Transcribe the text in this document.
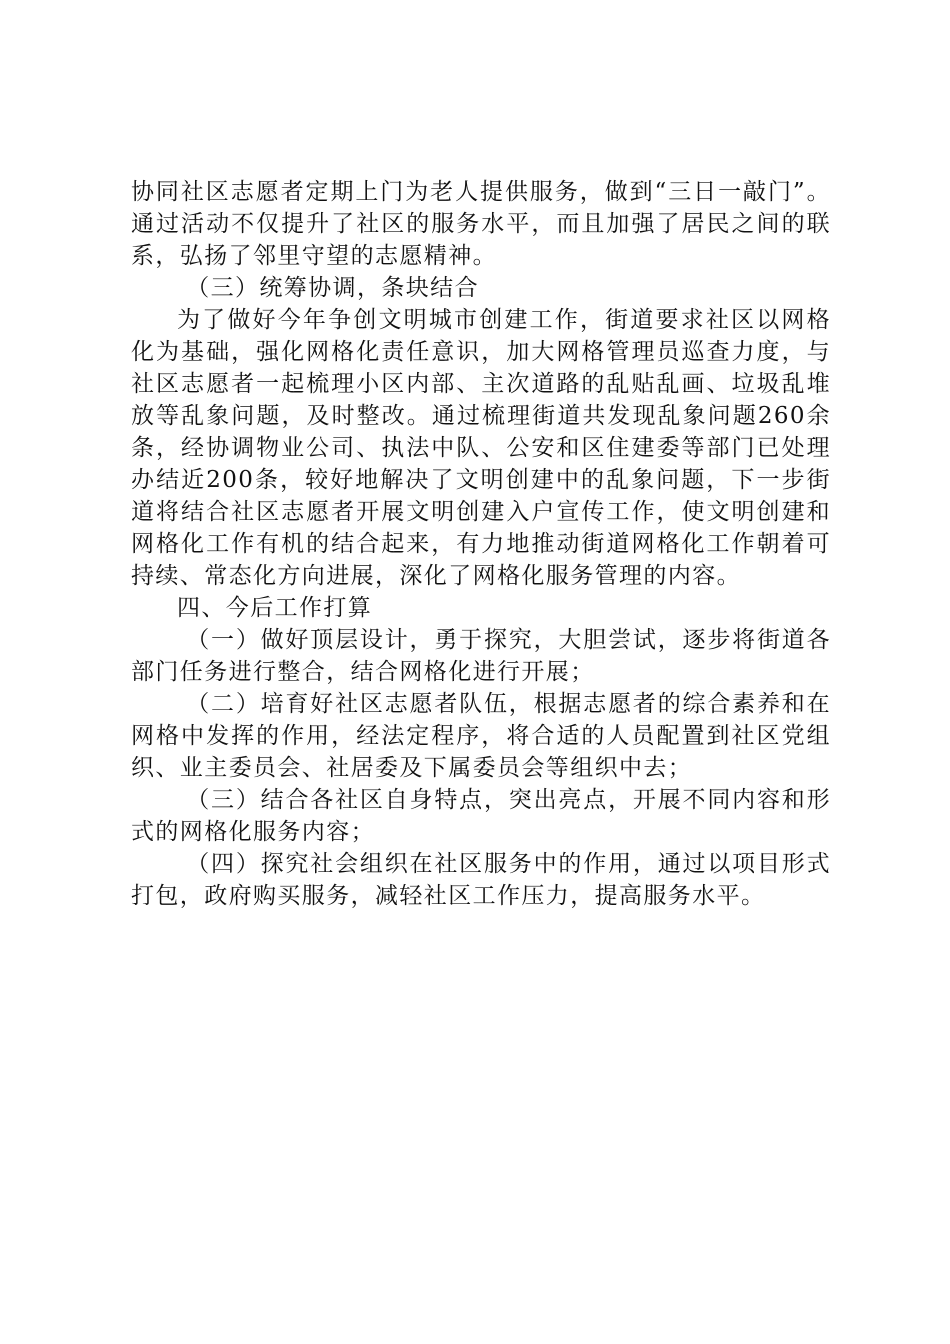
协同社区志愿者定期上门为老人提供服务，做到“三日一敲门”。通过活动不仅提升了社区的服务水平，而且加强了居民之间的联系，弘扬了邻里守望的志愿精神。

（三）统筹协调，条块结合

为了做好今年争创文明城市创建工作，街道要求社区以网格化为基础，强化网格化责任意识，加大网格管理员巡查力度，与社区志愿者一起梳理小区内部、主次道路的乱贴乱画、垃圾乱堆放等乱象问题，及时整改。通过梳理街道共发现乱象问题260余条，经协调物业公司、执法中队、公安和区住建委等部门已处理办结近200条，较好地解决了文明创建中的乱象问题，下一步街道将结合社区志愿者开展文明创建入户宣传工作，使文明创建和网格化工作有机的结合起来，有力地推动街道网格化工作朝着可持续、常态化方向进展，深化了网格化服务管理的内容。

四、今后工作打算

（一）做好顶层设计，勇于探究，大胆尝试，逐步将街道各部门任务进行整合，结合网格化进行开展；

（二）培育好社区志愿者队伍，根据志愿者的综合素养和在网格中发挥的作用，经法定程序，将合适的人员配置到社区党组织、业主委员会、社居委及下属委员会等组织中去；

（三）结合各社区自身特点，突出亮点，开展不同内容和形式的网格化服务内容；

（四）探究社会组织在社区服务中的作用，通过以项目形式打包，政府购买服务，减轻社区工作压力，提高服务水平。
